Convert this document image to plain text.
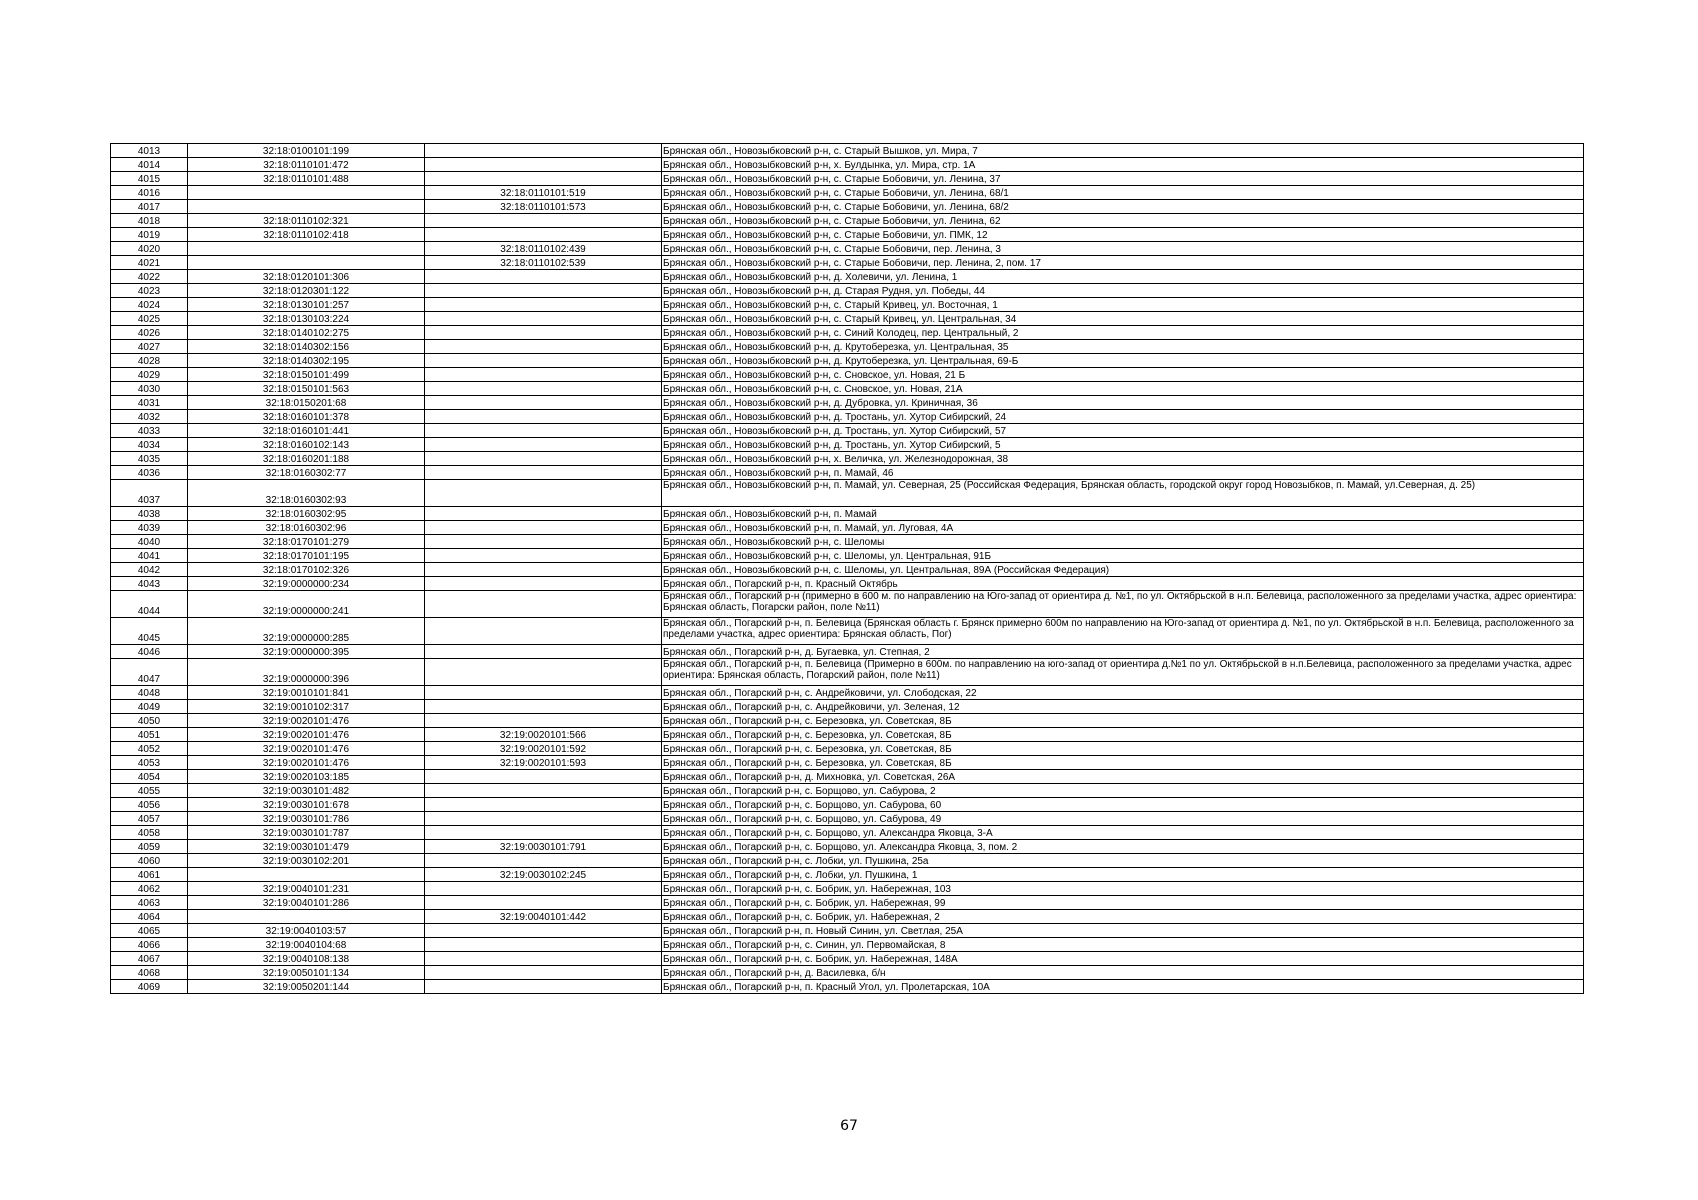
4013	32:18:0100101:199		Брянская обл., Новозыбковский р-н, с. Старый Вышков, ул. Мира, 7
4014	32:18:0110101:472		Брянская обл., Новозыбковский р-н, х. Булдынка, ул. Мира, стр. 1А
4015	32:18:0110101:488		Брянская обл., Новозыбковский р-н, с. Старые Бобовичи, ул. Ленина, 37
4016		32:18:0110101:519	Брянская обл., Новозыбковский р-н, с. Старые Бобовичи, ул. Ленина, 68/1
4017		32:18:0110101:573	Брянская обл., Новозыбковский р-н, с. Старые Бобовичи, ул. Ленина, 68/2
4018	32:18:0110102:321		Брянская обл., Новозыбковский р-н, с. Старые Бобовичи, ул. Ленина, 62
4019	32:18:0110102:418		Брянская обл., Новозыбковский р-н, с. Старые Бобовичи, ул. ПМК, 12
4020		32:18:0110102:439	Брянская обл., Новозыбковский р-н, с. Старые Бобовичи, пер. Ленина, 3
4021		32:18:0110102:539	Брянская обл., Новозыбковский р-н, с. Старые Бобовичи, пер. Ленина, 2, пом. 17
4022	32:18:0120101:306		Брянская обл., Новозыбковский р-н, д. Холевичи, ул. Ленина, 1
4023	32:18:0120301:122		Брянская обл., Новозыбковский р-н, д. Старая Рудня, ул. Победы, 44
4024	32:18:0130101:257		Брянская обл., Новозыбковский р-н, с. Старый Кривец, ул. Восточная, 1
4025	32:18:0130103:224		Брянская обл., Новозыбковский р-н, с. Старый Кривец, ул. Центральная, 34
4026	32:18:0140102:275		Брянская обл., Новозыбковский р-н, с. Синий Колодец, пер. Центральный, 2
4027	32:18:0140302:156		Брянская обл., Новозыбковский р-н, д. Крутоберезка, ул. Центральная, 35
4028	32:18:0140302:195		Брянская обл., Новозыбковский р-н, д. Крутоберезка, ул. Центральная, 69-Б
4029	32:18:0150101:499		Брянская обл., Новозыбковский р-н, с. Сновское, ул. Новая, 21 Б
4030	32:18:0150101:563		Брянская обл., Новозыбковский р-н, с. Сновское, ул. Новая, 21А
4031	32:18:0150201:68		Брянская обл., Новозыбковский р-н, д. Дубровка, ул. Криничная, 36
4032	32:18:0160101:378		Брянская обл., Новозыбковский р-н, д. Тростань, ул. Хутор Сибирский, 24
4033	32:18:0160101:441		Брянская обл., Новозыбковский р-н, д. Тростань, ул. Хутор Сибирский, 57
4034	32:18:0160102:143		Брянская обл., Новозыбковский р-н, д. Тростань, ул. Хутор Сибирский, 5
4035	32:18:0160201:188		Брянская обл., Новозыбковский р-н, х. Величка, ул. Железнодорожная, 38
4036	32:18:0160302:77		Брянская обл., Новозыбковский р-н, п. Мамай, 46
4037	32:18:0160302:93		Брянская обл., Новозыбковский р-н, п. Мамай, ул. Северная, 25 (Российская Федерация, Брянская область, городской округ город Новозыбков, п. Мамай, ул.Северная, д. 25)
4038	32:18:0160302:95		Брянская обл., Новозыбковский р-н, п. Мамай
4039	32:18:0160302:96		Брянская обл., Новозыбковский р-н, п. Мамай, ул. Луговая, 4А
4040	32:18:0170101:279		Брянская обл., Новозыбковский р-н, с. Шеломы
4041	32:18:0170101:195		Брянская обл., Новозыбковский р-н, с. Шеломы, ул. Центральная, 91Б
4042	32:18:0170102:326		Брянская обл., Новозыбковский р-н, с. Шеломы, ул. Центральная, 89А (Российская Федерация)
4043	32:19:0000000:234		Брянская обл., Погарский р-н, п. Красный Октябрь
4044	32:19:0000000:241		Брянская обл., Погарский р-н (примерно в 600 м. по направлению на Юго-запад от ориентира д. №1, по ул. Октябрьской в н.п. Белевица, расположенного за пределами участка, адрес ориентира: Брянская область, Погарски район, поле №11)
4045	32:19:0000000:285		Брянская обл., Погарский р-н, п. Белевица (Брянская область г. Брянск примерно 600м по направлению на Юго-запад от ориентира д. №1, по ул. Октябрьской в н.п. Белевица, расположенного за пределами участка, адрес ориентира: Брянская область, Пог)
4046	32:19:0000000:395		Брянская обл., Погарский р-н, д. Бугаевка, ул. Степная, 2
4047	32:19:0000000:396		Брянская обл., Погарский р-н, п. Белевица (Примерно в 600м. по направлению на юго-запад от ориентира д.№1 по ул. Октябрьской в н.п.Белевица, расположенного за пределами участка, адрес ориентира: Брянская область, Погарский район, поле №11)
4048	32:19:0010101:841		Брянская обл., Погарский р-н, с. Андрейковичи, ул. Слободская, 22
4049	32:19:0010102:317		Брянская обл., Погарский р-н, с. Андрейковичи, ул. Зеленая, 12
4050	32:19:0020101:476		Брянская обл., Погарский р-н, с. Березовка, ул. Советская, 8Б
4051	32:19:0020101:476	32:19:0020101:566	Брянская обл., Погарский р-н, с. Березовка, ул. Советская, 8Б
4052	32:19:0020101:476	32:19:0020101:592	Брянская обл., Погарский р-н, с. Березовка, ул. Советская, 8Б
4053	32:19:0020101:476	32:19:0020101:593	Брянская обл., Погарский р-н, с. Березовка, ул. Советская, 8Б
4054	32:19:0020103:185		Брянская обл., Погарский р-н, д. Михновка, ул. Советская, 26А
4055	32:19:0030101:482		Брянская обл., Погарский р-н, с. Борщово, ул. Сабурова, 2
4056	32:19:0030101:678		Брянская обл., Погарский р-н, с. Борщово, ул. Сабурова, 60
4057	32:19:0030101:786		Брянская обл., Погарский р-н, с. Борщово, ул. Сабурова, 49
4058	32:19:0030101:787		Брянская обл., Погарский р-н, с. Борщово, ул. Александра Яковца, 3-А
4059	32:19:0030101:479	32:19:0030101:791	Брянская обл., Погарский р-н, с. Борщово, ул. Александра Яковца, 3, пом. 2
4060	32:19:0030102:201		Брянская обл., Погарский р-н, с. Лобки, ул. Пушкина, 25а
4061		32:19:0030102:245	Брянская обл., Погарский р-н, с. Лобки, ул. Пушкина, 1
4062	32:19:0040101:231		Брянская обл., Погарский р-н, с. Бобрик, ул. Набережная, 103
4063	32:19:0040101:286		Брянская обл., Погарский р-н, с. Бобрик, ул. Набережная, 99
4064		32:19:0040101:442	Брянская обл., Погарский р-н, с. Бобрик, ул. Набережная, 2
4065	32:19:0040103:57		Брянская обл., Погарский р-н, п. Новый Синин, ул. Светлая, 25А
4066	32:19:0040104:68		Брянская обл., Погарский р-н, с. Синин, ул. Первомайская, 8
4067	32:19:0040108:138		Брянская обл., Погарский р-н, с. Бобрик, ул. Набережная, 148А
4068	32:19:0050101:134		Брянская обл., Погарский р-н, д. Василевка, б/н
4069	32:19:0050201:144		Брянская обл., Погарский р-н, п. Красный Угол, ул. Пролетарская, 10А
67
